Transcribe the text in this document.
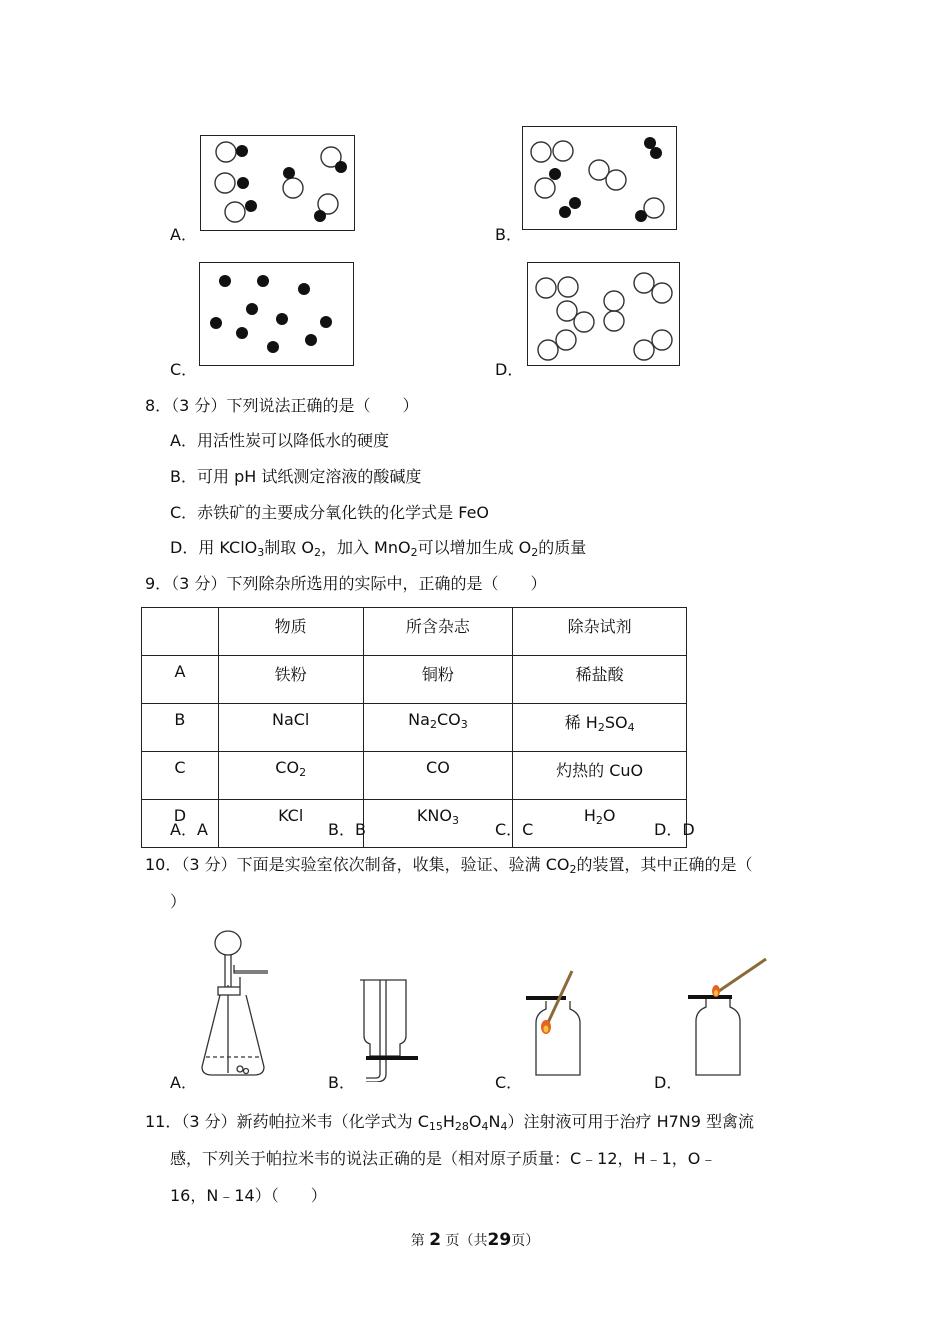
A．	B．
C．	D．
8．（3 分）下列说法正确的是（　　）
A．用活性炭可以降低水的硬度
B．可用 pH 试纸测定溶液的酸碱度
C．赤铁矿的主要成分氧化铁的化学式是 FeO
D．用 KClO$_3$制取 $O_2$，加入 MnO$_2$可以增加生成 $O_2$的质量
9．（3 分）下列除杂所选用的实际中，正确的是（　　）
	物质	所含杂志	除杂试剂
A	铁粉	铜粉	稀盐酸
B	NaCl	$Na_2CO_3$	稀 $H_2SO_4$
C	$CO_2$	CO	灼热的 CuO
D	KCl	$KNO_3$	$H_2O$
A．A	B．B	C．C	D．D
10．（3 分）下面是实验室依次制备，收集，验证、验满 $CO_2$的装置，其中正确的是（
）
A．	B．	C．	D．
11．（3 分）新药帕拉米韦（化学式为 $C_{15}H_{28}O_4N_4$）注射液可用于治疗 H7N9 型禽流
感，下列关于帕拉米韦的说法正确的是（相对原子质量：C﹣12，H﹣1，O﹣
16，N﹣14）（　　）
第 2 页（共29页）
